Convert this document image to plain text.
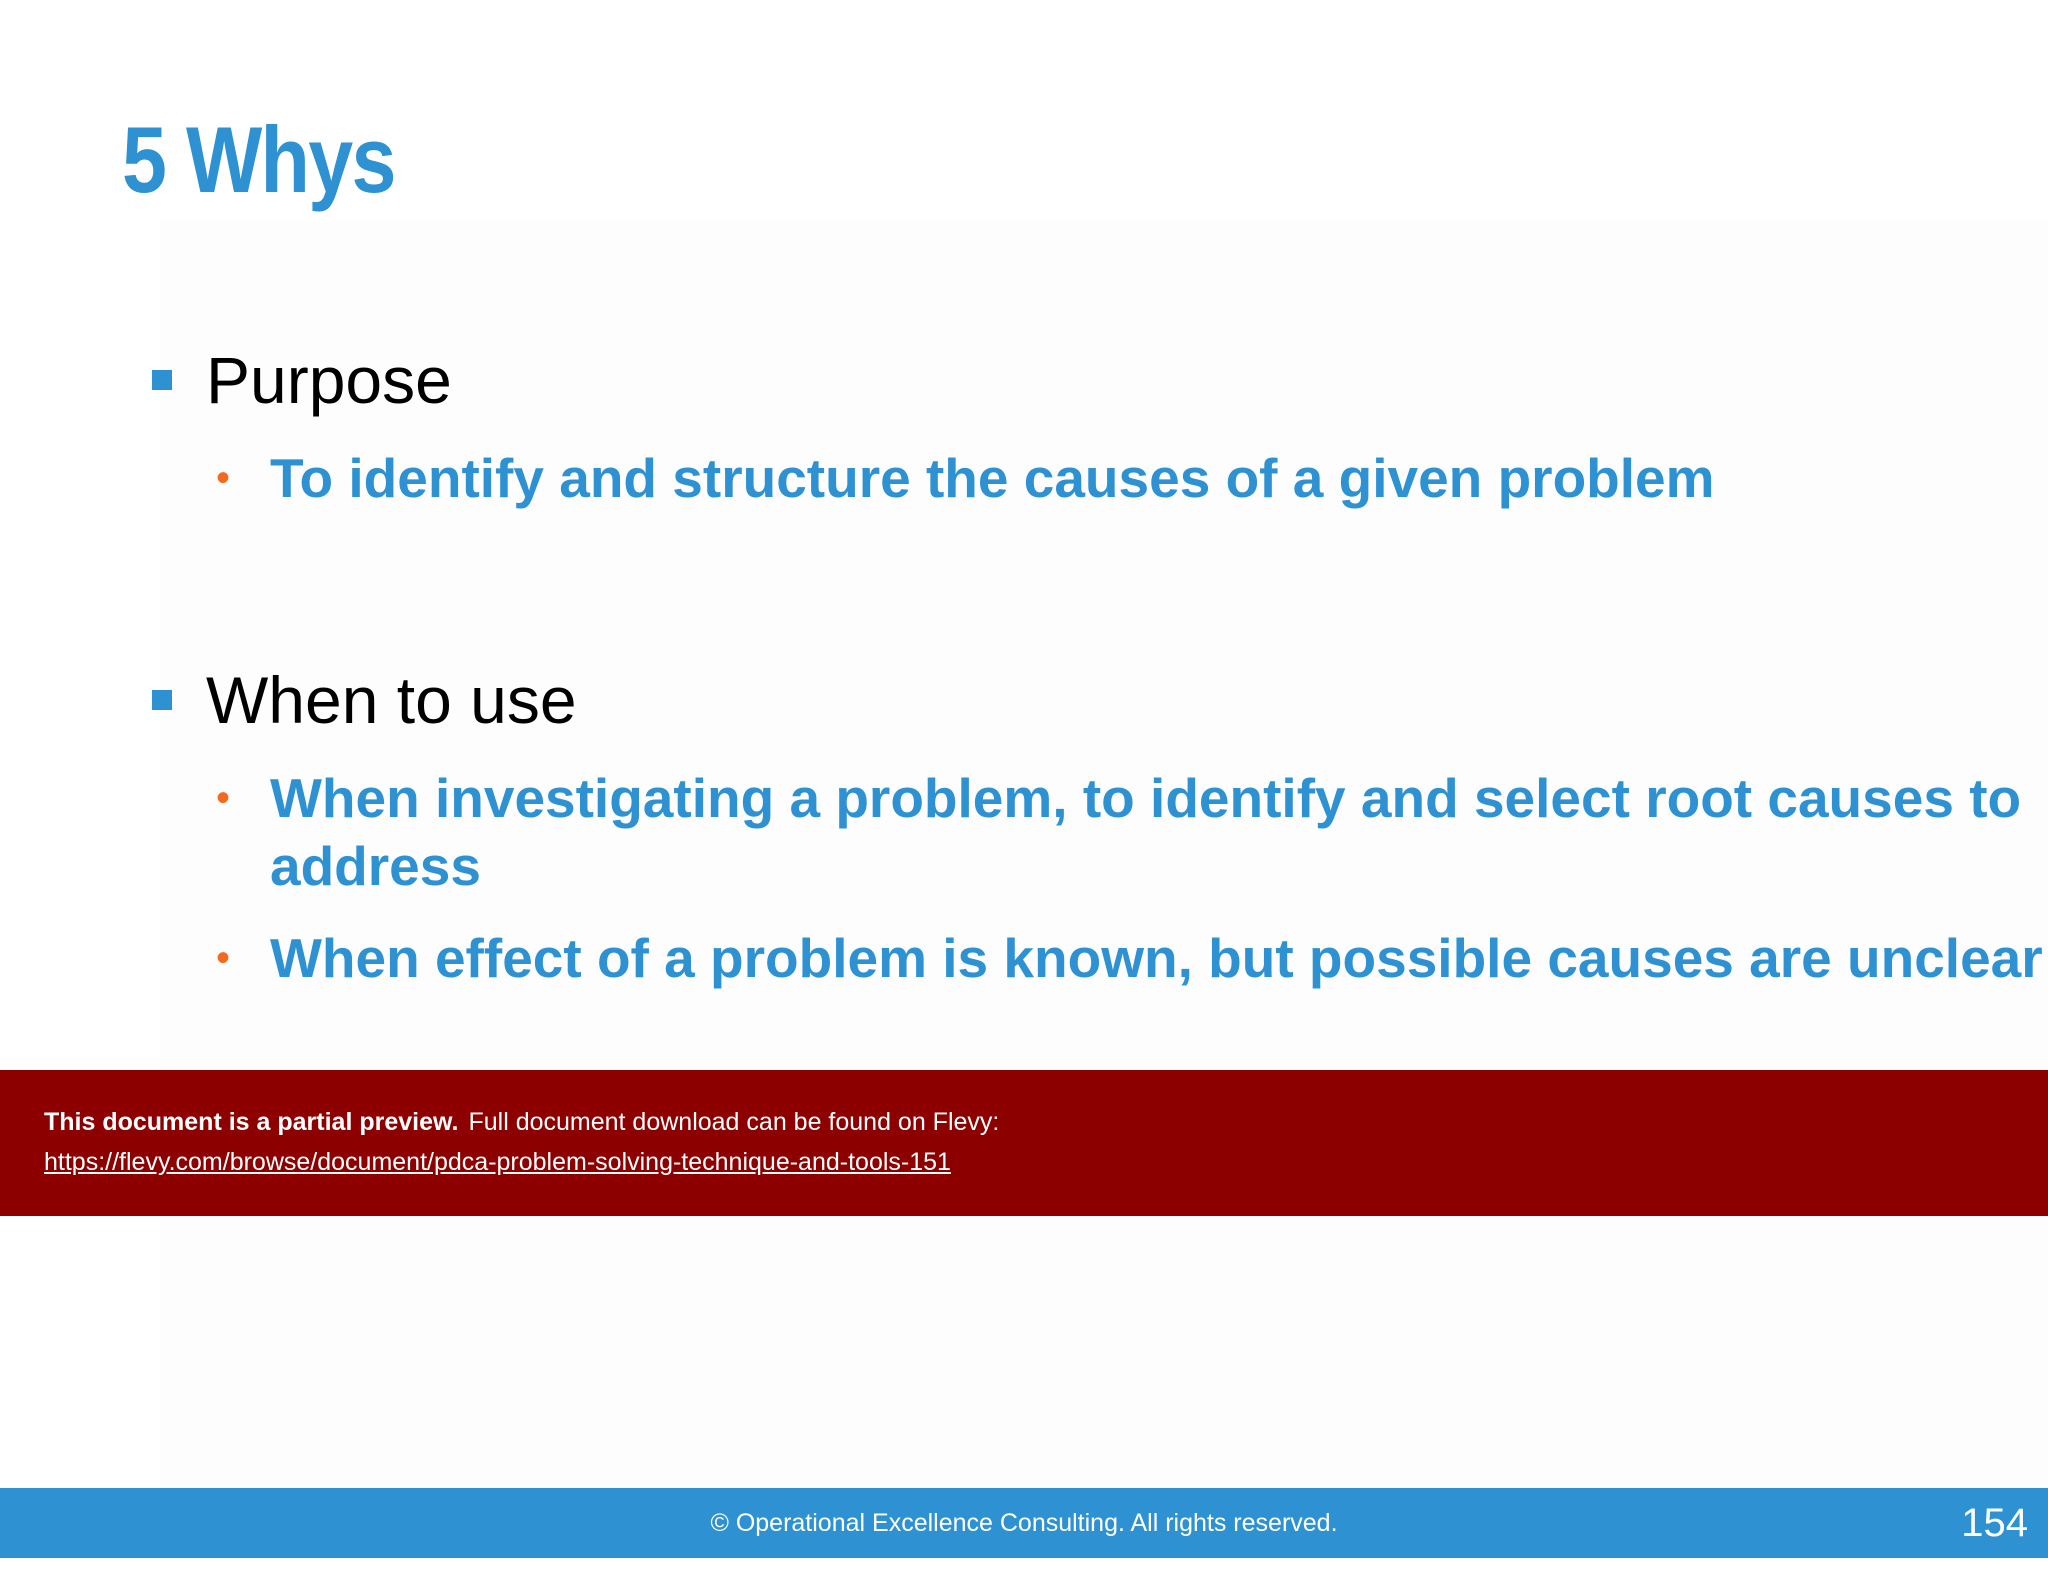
5 Whys
Purpose
• To identify and structure the causes of a given problem
When to use
• When investigating a problem, to identify and select root causes to address
• When effect of a problem is known, but possible causes are unclear
This document is a partial preview. Full document download can be found on Flevy:
https://flevy.com/browse/document/pdca-problem-solving-technique-and-tools-151
© Operational Excellence Consulting. All rights reserved.	154
